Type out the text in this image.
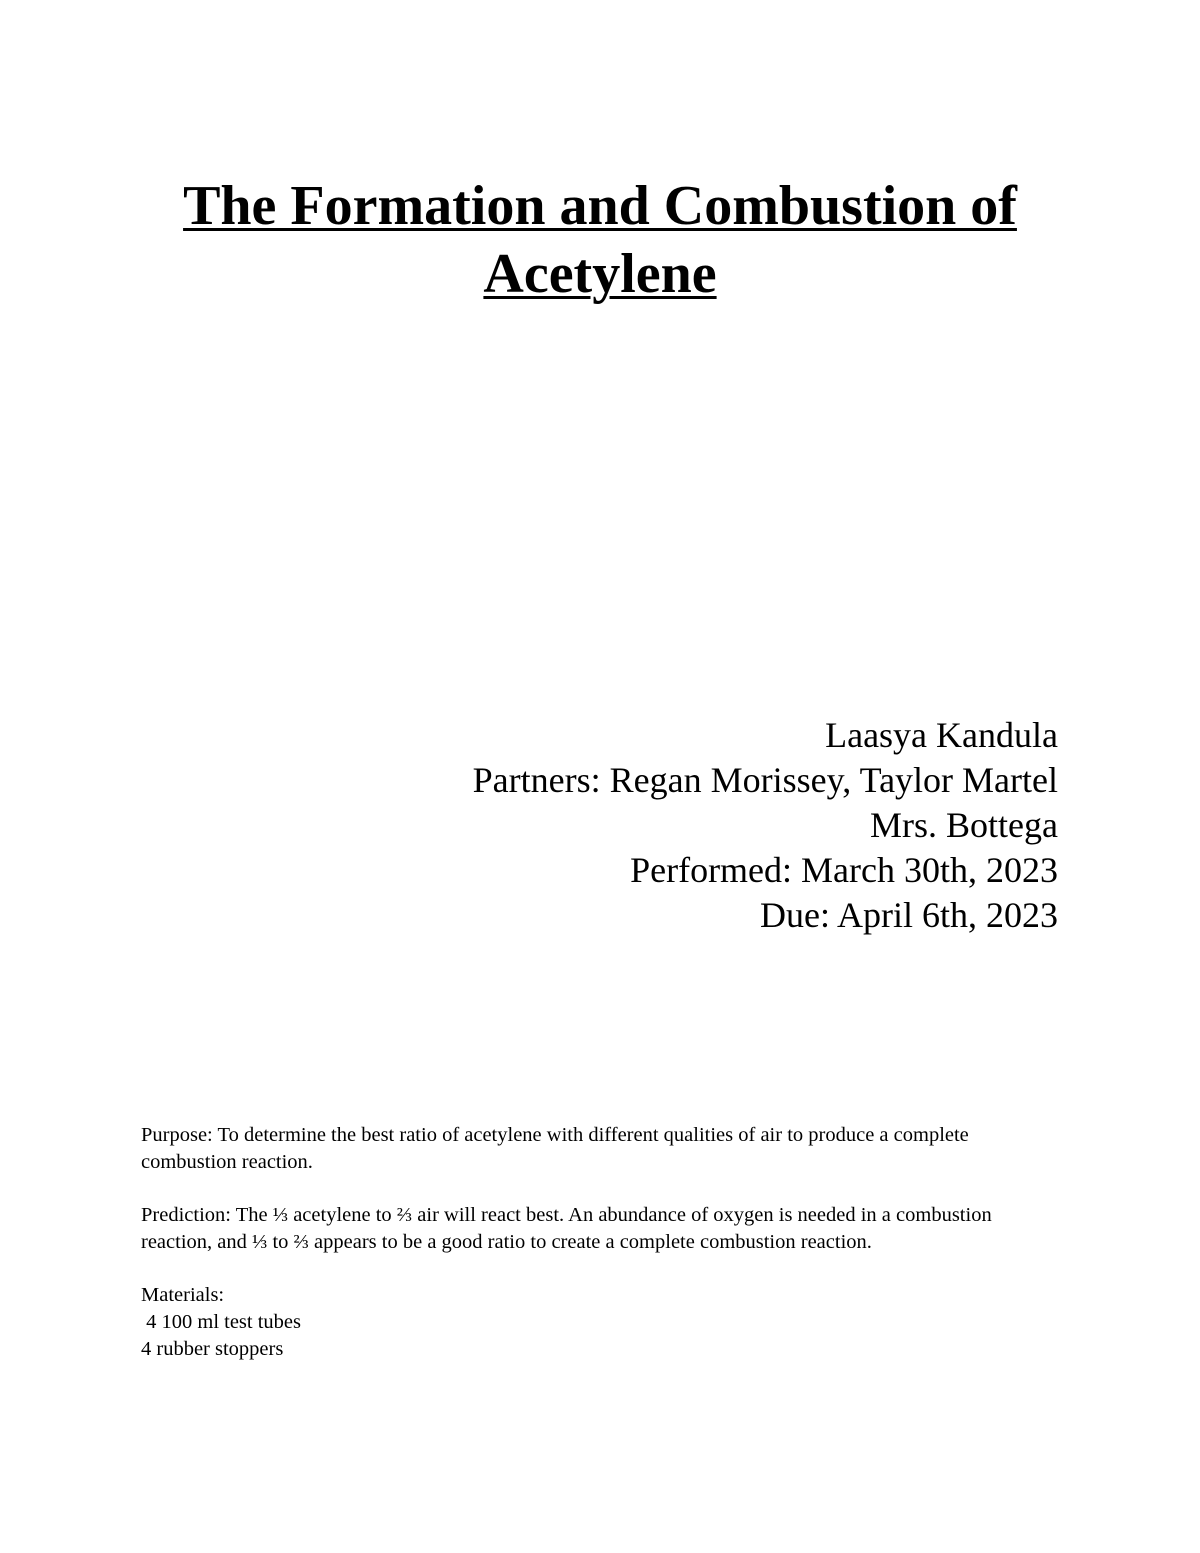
The Formation and Combustion of
Acetylene
Laasya Kandula
Partners: Regan Morissey, Taylor Martel
Mrs. Bottega
Performed: March 30th, 2023
Due: April 6th, 2023

Purpose: To determine the best ratio of acetylene with different qualities of air to produce a complete combustion reaction.

Prediction: The ⅓ acetylene to ⅔ air will react best. An abundance of oxygen is needed in a combustion reaction, and ⅓ to ⅔ appears to be a good ratio to create a complete combustion reaction.

Materials:

4 100 ml test tubes
4 rubber stoppers
